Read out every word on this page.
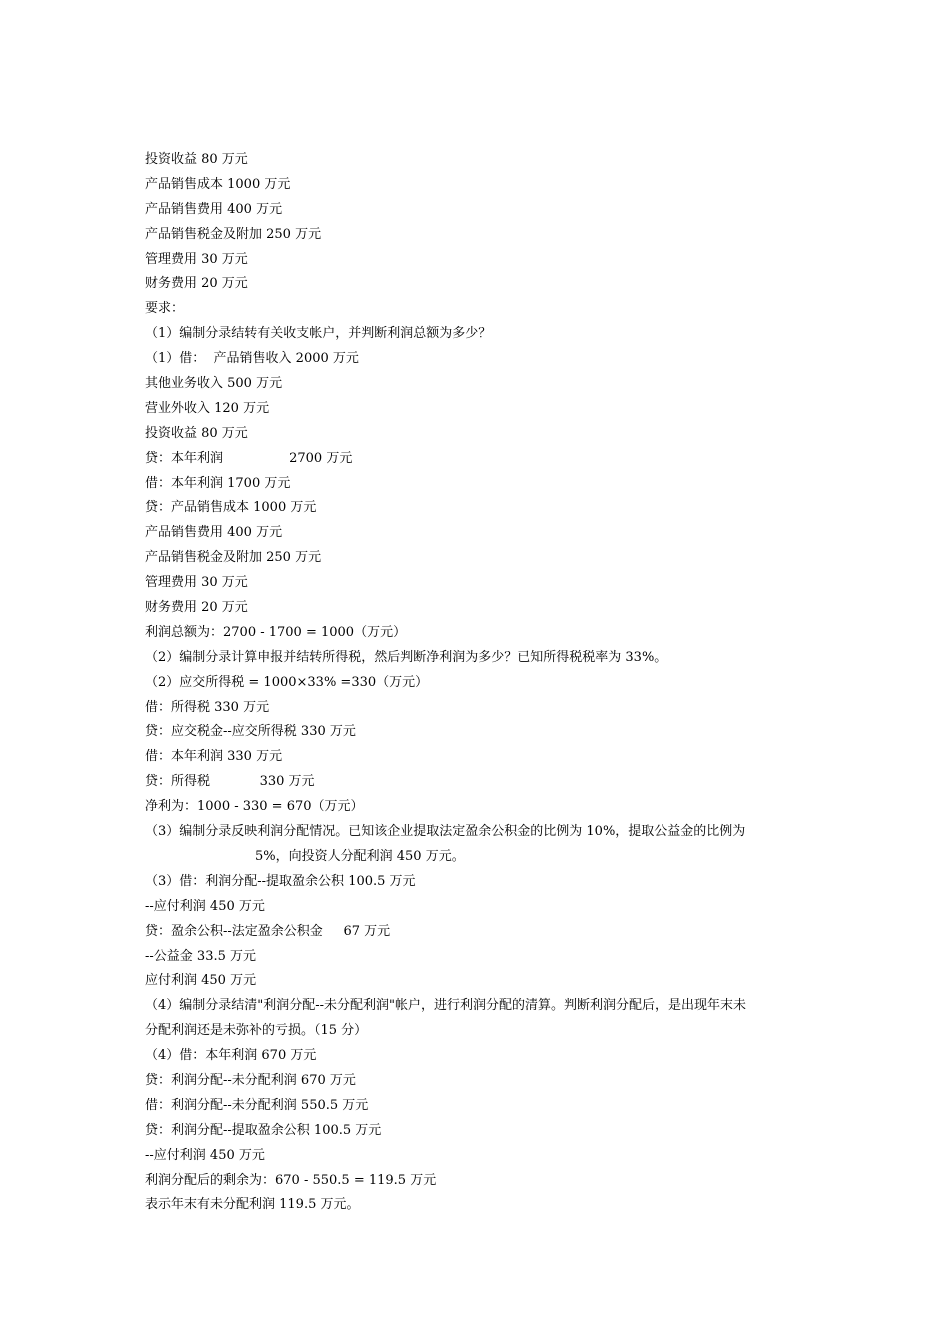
投资收益 80 万元
产品销售成本 1000 万元
产品销售费用 400 万元
产品销售税金及附加 250 万元
管理费用 30 万元
财务费用 20 万元
要求：
（1）编制分录结转有关收支帐户，并判断利润总额为多少？
（1）借：  产品销售收入 2000 万元
其他业务收入 500 万元
营业外收入 120 万元
投资收益 80 万元
贷：本年利润                2700 万元
借：本年利润 1700 万元
贷：产品销售成本 1000 万元
产品销售费用 400 万元
产品销售税金及附加 250 万元
管理费用 30 万元
财务费用 20 万元
利润总额为：2700 - 1700 = 1000（万元）
（2）编制分录计算申报并结转所得税，然后判断净利润为多少？已知所得税税率为 33%。
（2）应交所得税 = 1000×33% =330（万元）
借：所得税 330 万元
贷：应交税金--应交所得税 330 万元
借：本年利润 330 万元
贷：所得税            330 万元
净利为：1000 - 330 = 670（万元）
（3）编制分录反映利润分配情况。已知该企业提取法定盈余公积金的比例为 10%，提取公益金的比例为
5%，向投资人分配利润 450 万元。
（3）借：利润分配--提取盈余公积 100.5 万元
--应付利润 450 万元
贷：盈余公积--法定盈余公积金     67 万元
--公益金 33.5 万元
应付利润 450 万元
（4）编制分录结清"利润分配--未分配利润"帐户，进行利润分配的清算。判断利润分配后，是出现年末未
分配利润还是未弥补的亏损。（15 分）
（4）借：本年利润 670 万元
贷：利润分配--未分配利润 670 万元
借：利润分配--未分配利润 550.5 万元
贷：利润分配--提取盈余公积 100.5 万元
--应付利润 450 万元
利润分配后的剩余为：670 - 550.5 = 119.5 万元
表示年末有未分配利润 119.5 万元。
